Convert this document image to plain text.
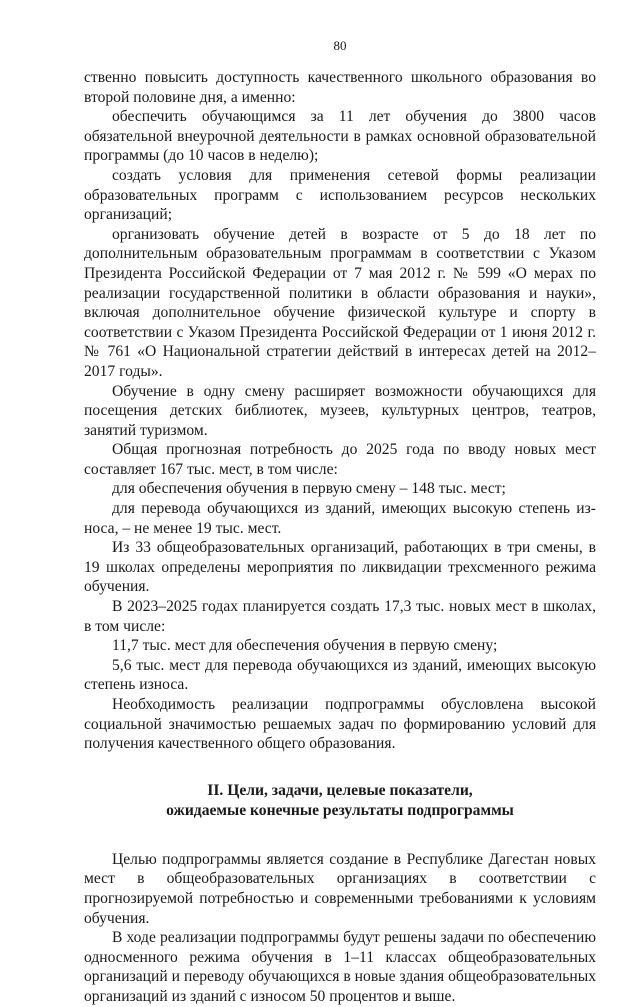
80

ственно повысить доступность качественного школьного образования во второй половине дня, а именно:

обеспечить обучающимся за 11 лет обучения до 3800 часов обязательной внеурочной деятельности в рамках основной образовательной программы (до 10 часов в неделю);

создать условия для применения сетевой формы реализации образовательных программ с использованием ресурсов нескольких организаций;

организовать обучение детей в возрасте от 5 до 18 лет по дополнительным образовательным программам в соответствии с Указом Президента Российской Федерации от 7 мая 2012 г. № 599 «О мерах по реализации государственной политики в области образования и науки», включая дополнительное обучение физической культуре и спорту в соответствии с Указом Президента Российской Федерации от 1 июня 2012 г. № 761 «О Национальной стратегии действий в интересах детей на 2012–2017 годы».

Обучение в одну смену расширяет возможности обучающихся для посещения детских библиотек, музеев, культурных центров, театров, занятий туризмом.

Общая прогнозная потребность до 2025 года по вводу новых мест составляет 167 тыс. мест, в том числе:

для обеспечения обучения в первую смену – 148 тыс. мест;

для перевода обучающихся из зданий, имеющих высокую степень из-носа, – не менее 19 тыс. мест.

Из 33 общеобразовательных организаций, работающих в три смены, в 19 школах определены мероприятия по ликвидации трехсменного режима обучения.

В 2023–2025 годах планируется создать 17,3 тыс. новых мест в школах, в том числе:

11,7 тыс. мест для обеспечения обучения в первую смену;

5,6 тыс. мест для перевода обучающихся из зданий, имеющих высокую степень износа.

Необходимость реализации подпрограммы обусловлена высокой социальной значимостью решаемых задач по формированию условий для получения качественного общего образования.

II. Цели, задачи, целевые показатели,
ожидаемые конечные результаты подпрограммы

Целью подпрограммы является создание в Республике Дагестан новых мест в общеобразовательных организациях в соответствии с прогнозируемой потребностью и современными требованиями к условиям обучения.

В ходе реализации подпрограммы будут решены задачи по обеспечению односменного режима обучения в 1–11 классах общеобразовательных организаций и переводу обучающихся в новые здания общеобразовательных организаций из зданий с износом 50 процентов и выше.
